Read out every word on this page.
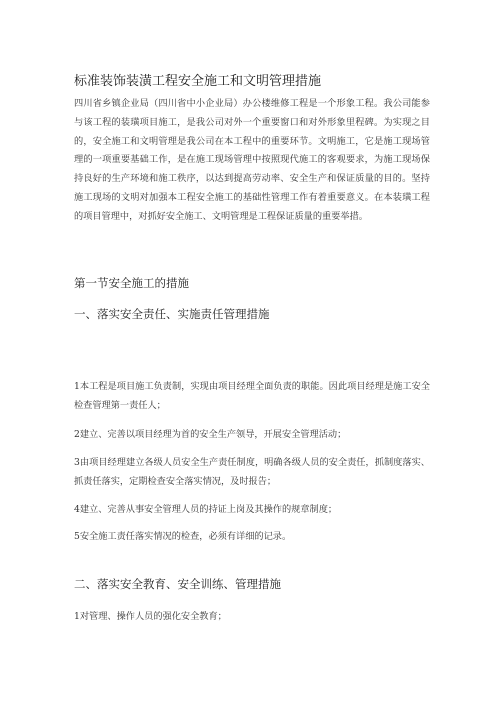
标准装饰装潢工程安全施工和文明管理措施

四川省乡镇企业局（四川省中小企业局）办公楼维修工程是一个形象工程。我公司能参
与该工程的装璜项目施工，是我公司对外一个重要窗口和对外形象里程碑。为实现之目
的，安全施工和文明管理是我公司在本工程中的重要环节。文明施工，它是施工现场管
理的一项重要基础工作，是在施工现场管理中按照现代施工的客观要求，为施工现场保
持良好的生产环境和施工秩序，以达到提高劳动率、安全生产和保证质量的目的。坚持
施工现场的文明对加强本工程安全施工的基础性管理工作有着重要意义。在本装璜工程
的项目管理中，对抓好安全施工、文明管理是工程保证质量的重要举措。

第一节安全施工的措施
一、落实安全责任、实施责任管理措施

1本工程是项目施工负责制，实现由项目经理全面负责的职能。因此项目经理是施工安全
检查管理第一责任人；

2建立、完善以项目经理为首的安全生产领导，开展安全管理活动；

3由项目经理建立各级人员安全生产责任制度，明确各级人员的安全责任，抓制度落实、
抓责任落实，定期检查安全落实情况，及时报告；

4建立、完善从事安全管理人员的持证上岗及其操作的规章制度；

5安全施工责任落实情况的检查，必须有详细的记录。

二、落实安全教育、安全训练、管理措施

1对管理、操作人员的强化安全教育；
